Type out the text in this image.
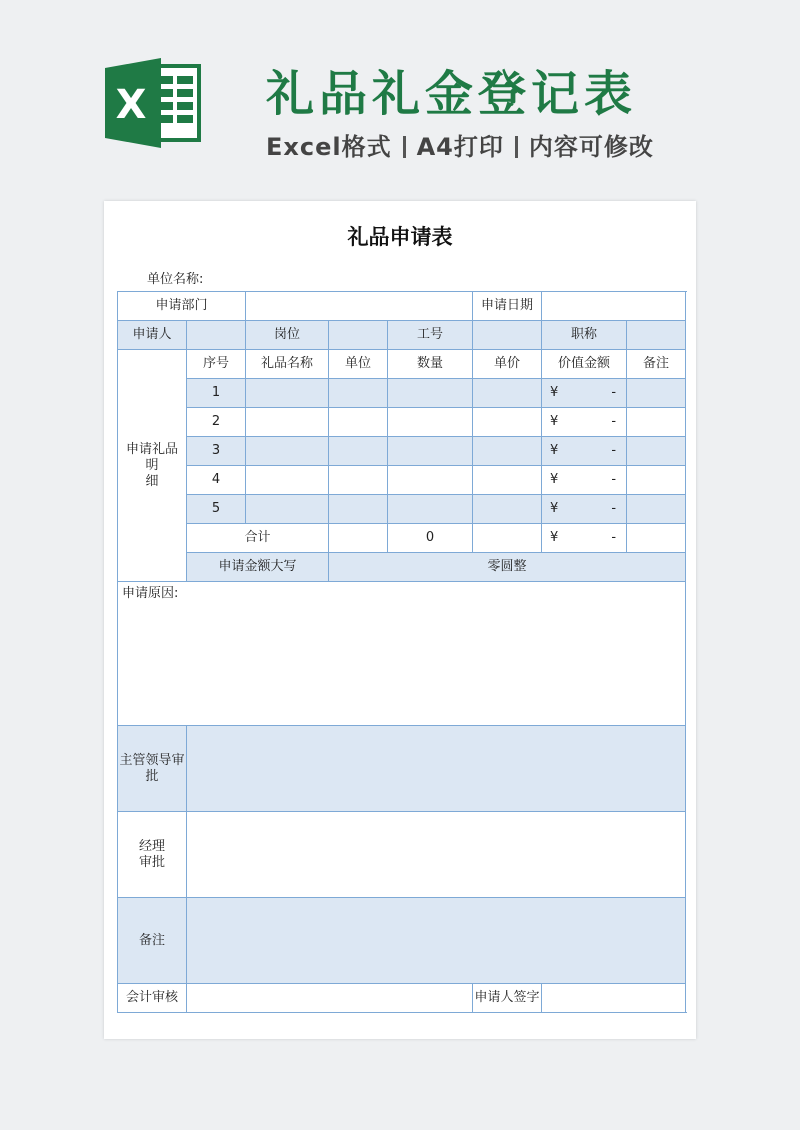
X 礼品礼金登记表
Excel格式 A4打印 内容可修改
礼品申请表
单位名称:
申请部门					申请日期		
申请人		岗位		工号		职称	
申请礼品明
细	序号	礼品名称	单位	数量	单价	价值金额	备注
	1					¥ -	

	2					¥ -	

	3					¥ -	

	4					¥ -	

	5					¥ -	

	合计			0		¥ -	

	申请金额大写		零圆整				
申请原因:							
主管领导审
批							
经理
审批							
备注							
会计审核					申请人签字		
